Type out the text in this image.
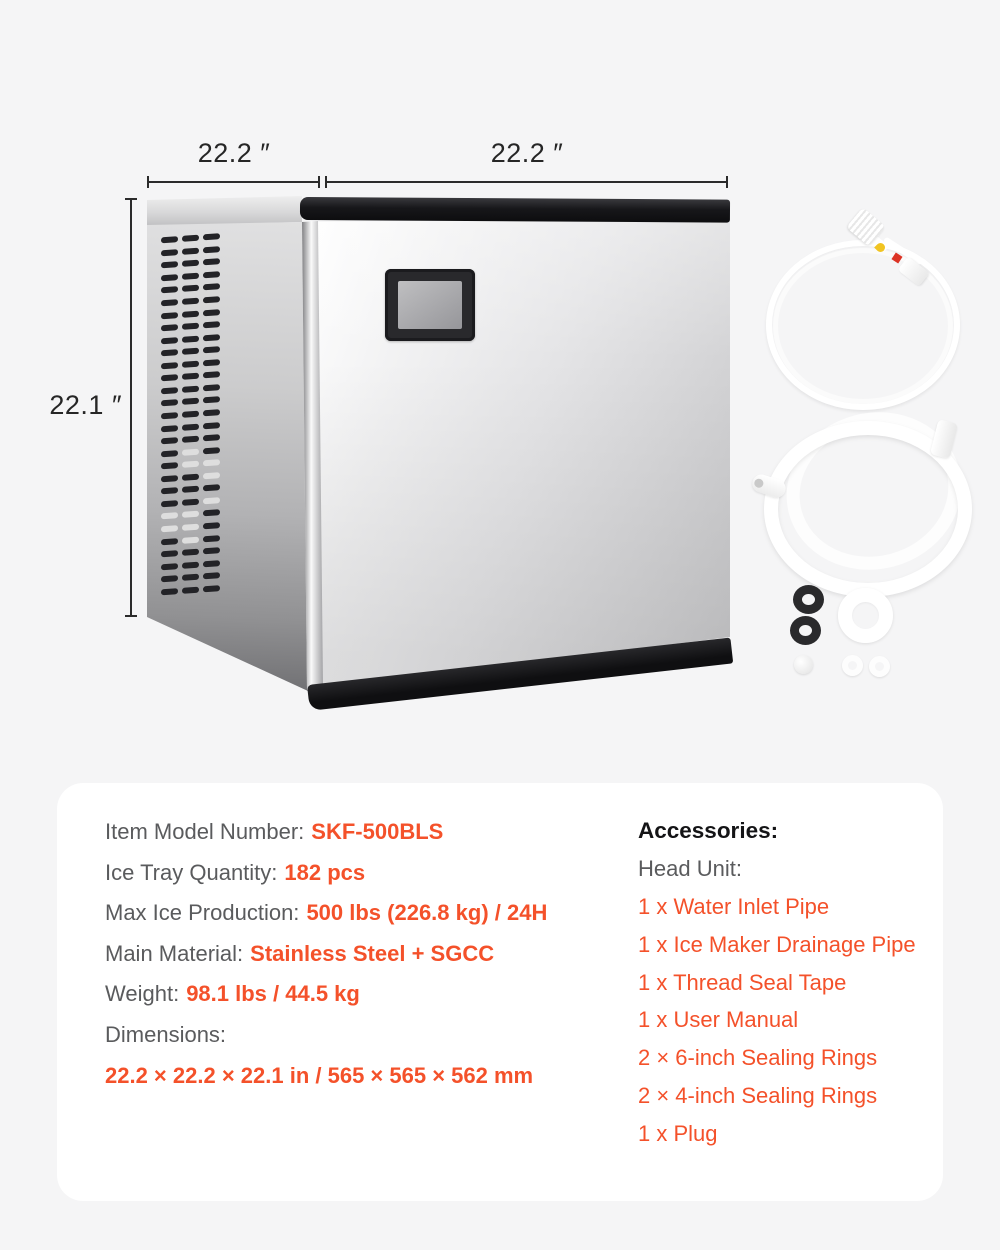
22.2 ″	22.2 ″
22.1 ″
Item Model Number: SKF-500BLS
Ice Tray Quantity: 182 pcs
Max Ice Production: 500 lbs (226.8 kg) / 24H
Main Material: Stainless Steel + SGCC
Weight: 98.1 lbs / 44.5 kg
Dimensions:
22.2 × 22.2 × 22.1 in / 565 × 565 × 562 mm
Accessories:
Head Unit:
1 x Water Inlet Pipe
1 x Ice Maker Drainage Pipe
1 x Thread Seal Tape
1 x User Manual
2 × 6-inch Sealing Rings
2 × 4-inch Sealing Rings
1 x Plug
